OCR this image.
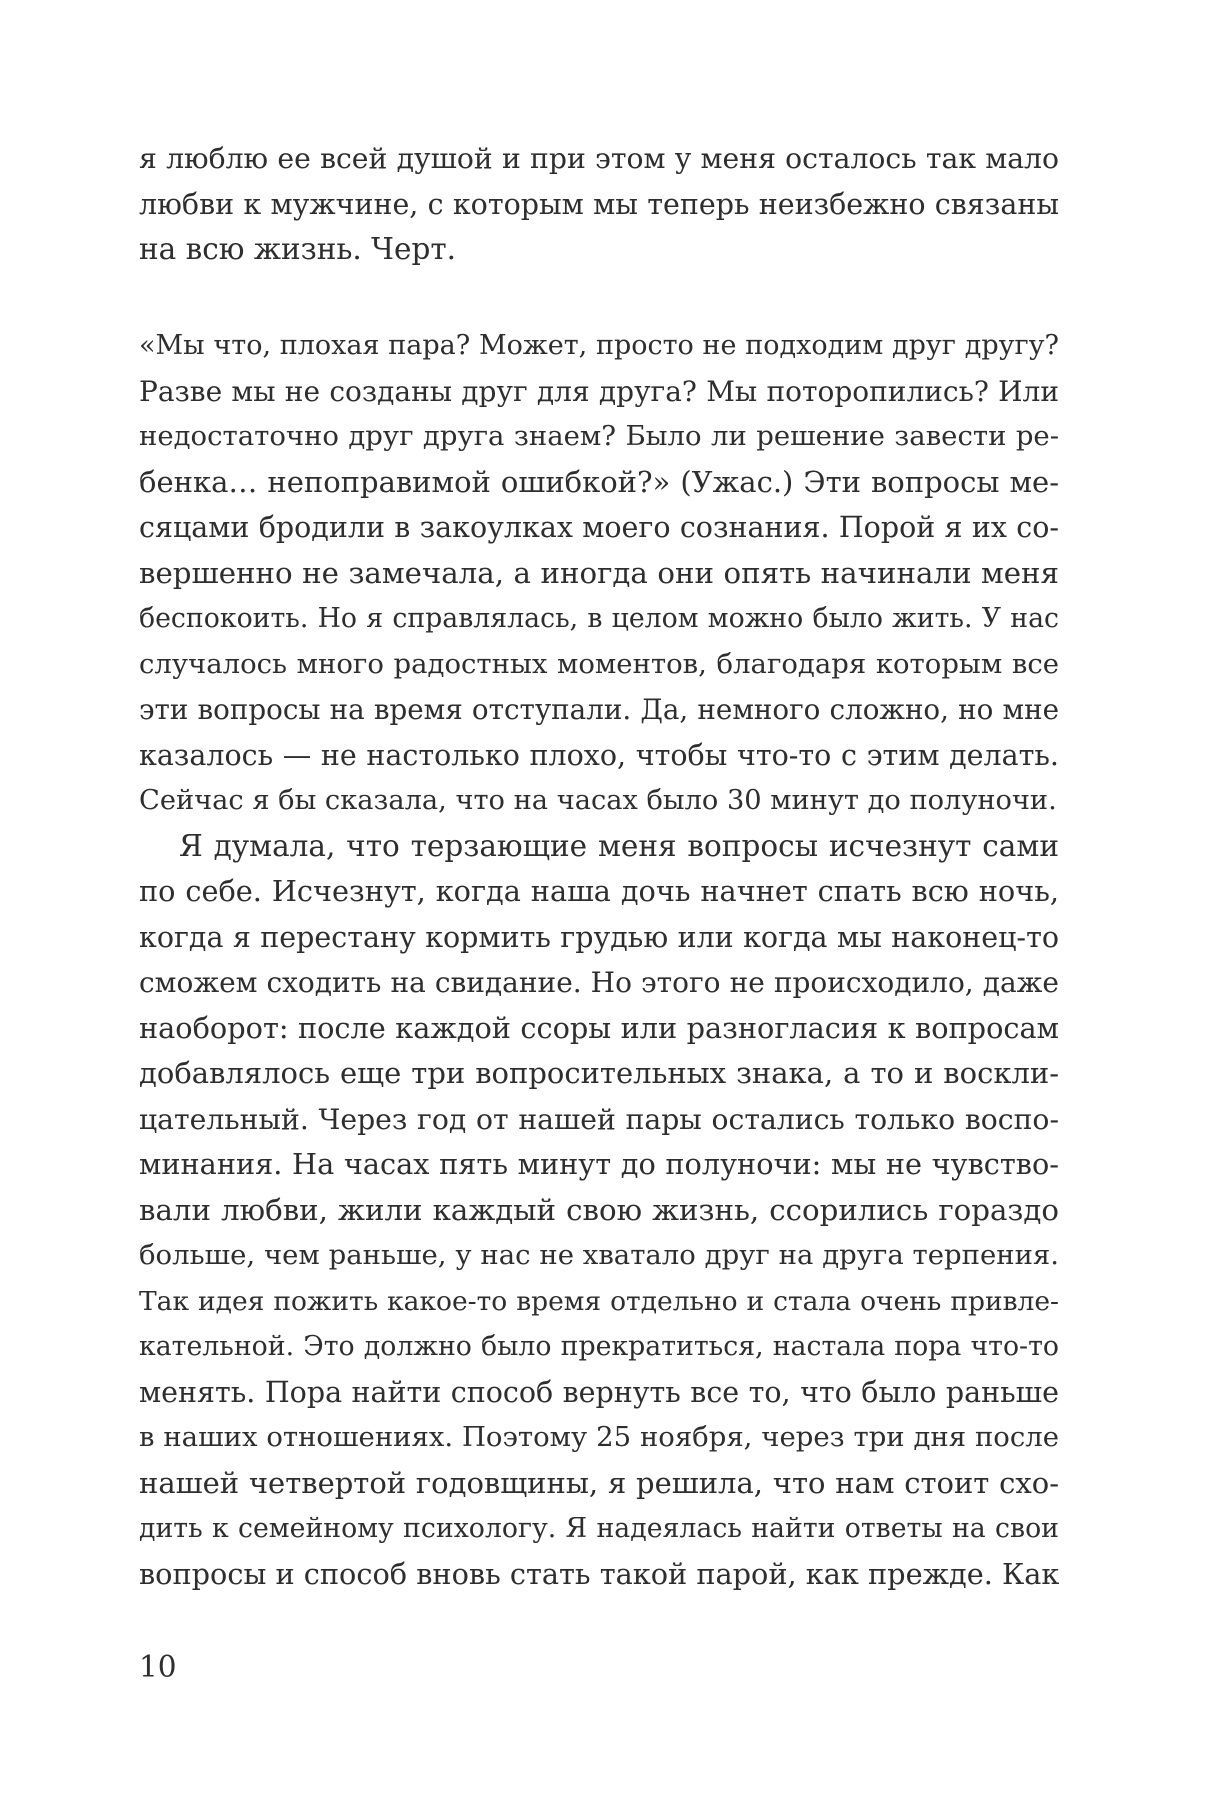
я люблю ее всей душой и при этом у меня осталось так мало
любви к мужчине, с которым мы теперь неизбежно связаны
на всю жизнь. Черт.
«Мы что, плохая пара? Может, просто не подходим друг другу?
Разве мы не созданы друг для друга? Мы поторопились? Или
недостаточно друг друга знаем? Было ли решение завести ре-
бенка… непоправимой ошибкой?» (Ужас.) Эти вопросы ме-
сяцами бродили в закоулках моего сознания. Порой я их со-
вершенно не замечала, а иногда они опять начинали меня
беспокоить. Но я справлялась, в целом можно было жить. У нас
случалось много радостных моментов, благодаря которым все
эти вопросы на время отступали. Да, немного сложно, но мне
казалось — не настолько плохо, чтобы что-то с этим делать.
Сейчас я бы сказала, что на часах было 30 минут до полуночи.
Я думала, что терзающие меня вопросы исчезнут сами
по себе. Исчезнут, когда наша дочь начнет спать всю ночь,
когда я перестану кормить грудью или когда мы наконец-то
сможем сходить на свидание. Но этого не происходило, даже
наоборот: после каждой ссоры или разногласия к вопросам
добавлялось еще три вопросительных знака, а то и воскли-
цательный. Через год от нашей пары остались только воспо-
минания. На часах пять минут до полуночи: мы не чувство-
вали любви, жили каждый свою жизнь, ссорились гораздо
больше, чем раньше, у нас не хватало друг на друга терпения.
Так идея пожить какое-то время отдельно и стала очень привле-
кательной. Это должно было прекратиться, настала пора что-то
менять. Пора найти способ вернуть все то, что было раньше
в наших отношениях. Поэтому 25 ноября, через три дня после
нашей четвертой годовщины, я решила, что нам стоит схо-
дить к семейному психологу. Я надеялась найти ответы на свои
вопросы и способ вновь стать такой парой, как прежде. Как
10
